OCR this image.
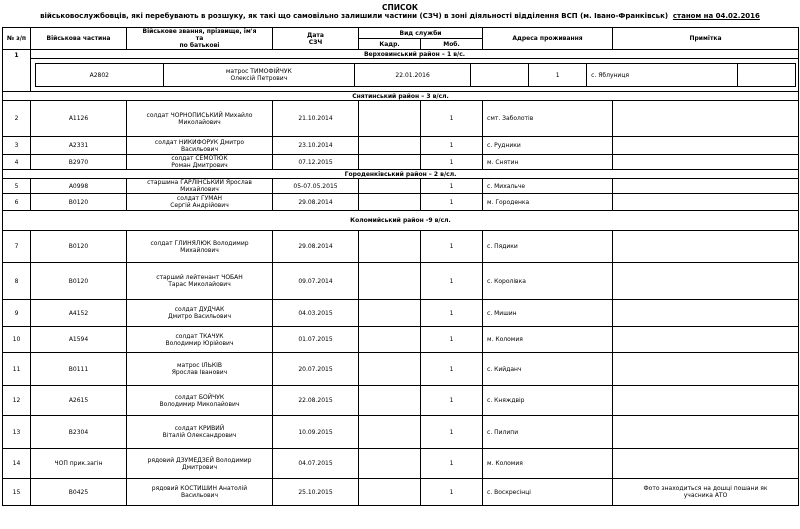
СПИСОК
військовослужбовців, які перебувають в розшуку, як такі що самовільно залишили частини (СЗЧ) в зоні діяльності відділення ВСП (м. Івано-Франківськ) станом на 04.02.2016
№ з/п	Військова частина	Військове звання, прізвище, ім'я
та
по батькові	Дата
СЗЧ	Вид служби	Адреса проживання	Примітка
Кадр.	Моб.
1	Верховинський район – 1 в/с.

А2802	матрос ТИМОФІЙЧУК
Олексій Петрович	22.01.2016		1	с. Яблуниця	

Снятинський район – 3 в/сл.
2	А1126	солдат ЧОРНОПИСЬКИЙ Михайло
Миколайович	21.10.2014		1	смт. Заболотів	
3	А2331	солдат НИКИФОРУК Дмитро
Васильович	23.10.2014		1	с. Рудники	
4	В2970	солдат СЕМОТЮК
Роман Дмитрович	07.12.2015		1	м. Снятин	
Городенківський район – 2 в/сл.
5	А0998	старшина ГАРЛІНСЬКИЙ Ярослав
Михайлович	05-07.05.2015		1	с. Михальче	
6	В0120	солдат ГУМАН
Сергій Андрійович	29.08.2014		1	м. Городенка	
Коломийський район -9 в/сл.
7	В0120	солдат ГЛИНЯЛЮК Володимир
Михайлович	29.08.2014		1	с. Пядики	
8	В0120	старший лейтенант ЧОБАН
Тарас Миколайович	09.07.2014		1	с. Королівка	
9	А4152	солдат ДУДЧАК
Дмитро Васильович	04.03.2015		1	с. Мишин	
10	А1594	солдат ТКАЧУК
Володимир Юрійович	01.07.2015		1	м. Коломия	
11	В0111	матрос ІЛЬКІВ
Ярослав Іванович	20.07.2015		1	с. Кийданч	
12	А2615	солдат БОЙЧУК
Володимир Миколайович	22.08.2015		1	с. Княждвір	
13	В2304	солдат КРИВИЙ
Віталій Олександрович	10.09.2015		1	с. Пилипи	
14	ЧОП прик.загін	рядовий ДЗУМЕДЗЕЙ Володимир
Дмитрович	04.07.2015		1	м. Коломия	
15	В0425	рядовий КОСТИШИН Анатолій
Васильович	25.10.2015		1	с. Воскресінці	Фото знаходиться на дошці пошани як
учасника АТО
